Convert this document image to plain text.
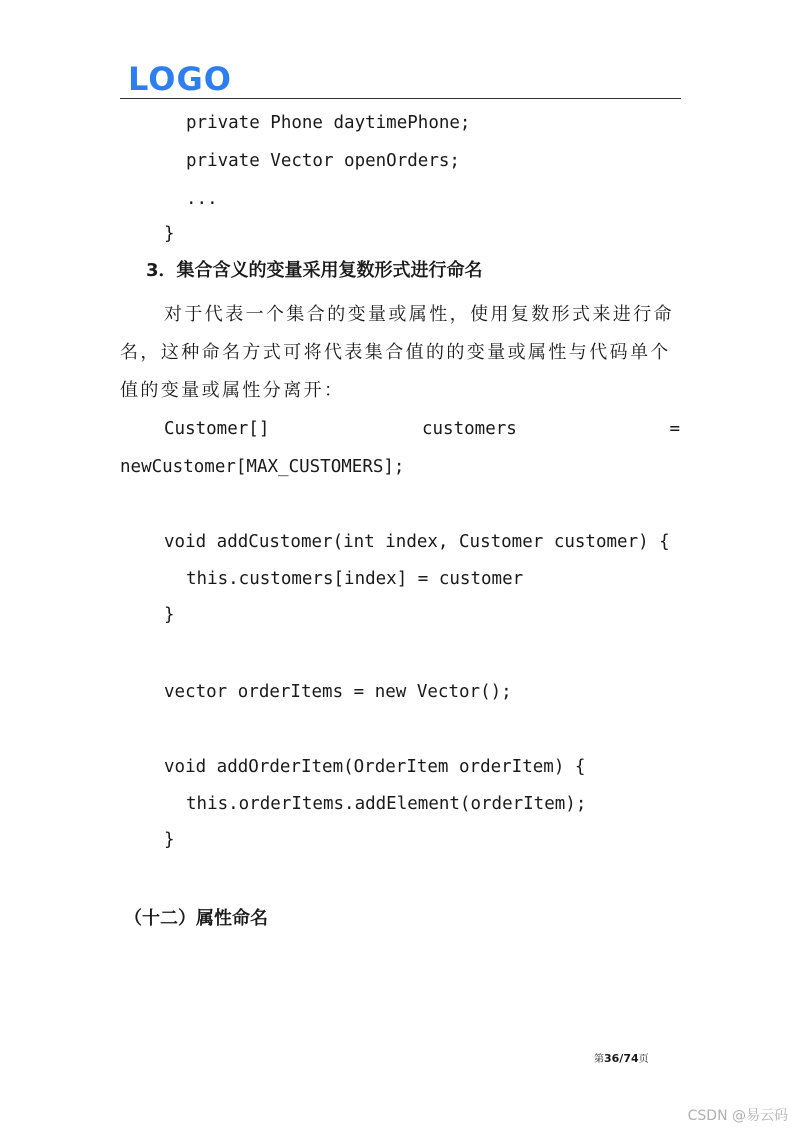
LOGO
private Phone daytimePhone;
private Vector openOrders;
...
}
3．集合含义的变量采用复数形式进行命名
对于代表一个集合的变量或属性，使用复数形式来进行命名，这种命名方式可将代表集合值的的变量或属性与代码单个值的变量或属性分离开：
Customer[]	customers	=
newCustomer[MAX_CUSTOMERS];
void addCustomer(int index, Customer customer) {
this.customers[index] = customer
}
vector orderItems = new Vector();
void addOrderItem(OrderItem orderItem) {
this.orderItems.addElement(orderItem);
}
（十二）属性命名
第36/74页
CSDN @易云码
